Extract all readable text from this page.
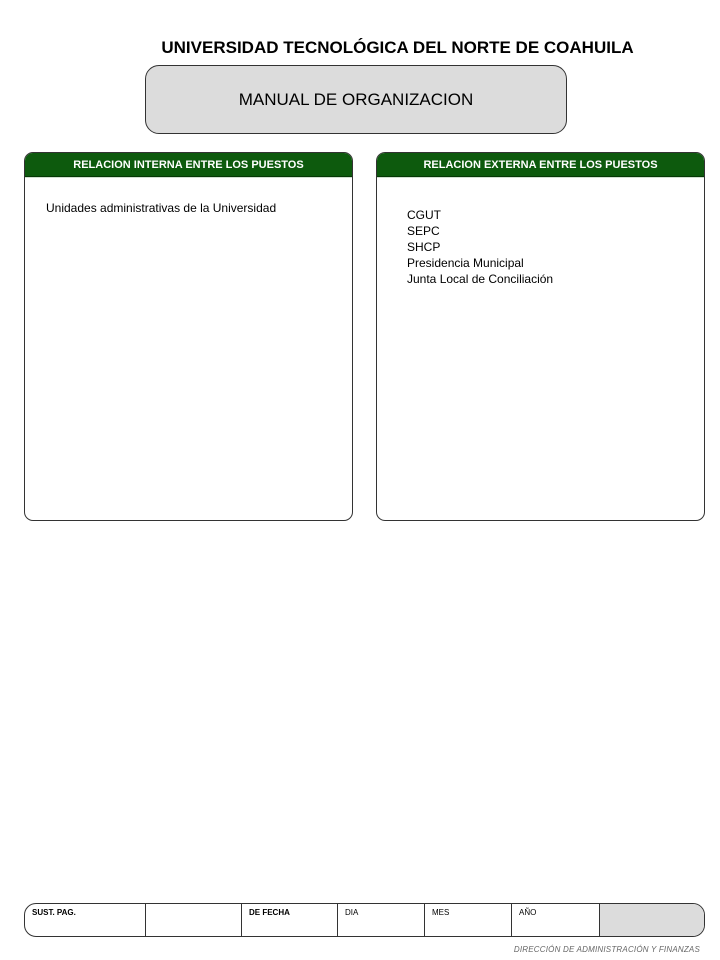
UNIVERSIDAD TECNOLÓGICA DEL NORTE DE COAHUILA
MANUAL DE ORGANIZACION
RELACION INTERNA ENTRE LOS PUESTOS
Unidades administrativas de la Universidad
RELACION EXTERNA ENTRE LOS PUESTOS
CGUT
SEPC
SHCP
Presidencia Municipal
Junta Local de Conciliación
SUST. PAG.	DE FECHA	DIA	MES	AÑO
DIRECCIÓN DE ADMINISTRACIÓN Y FINANZAS
